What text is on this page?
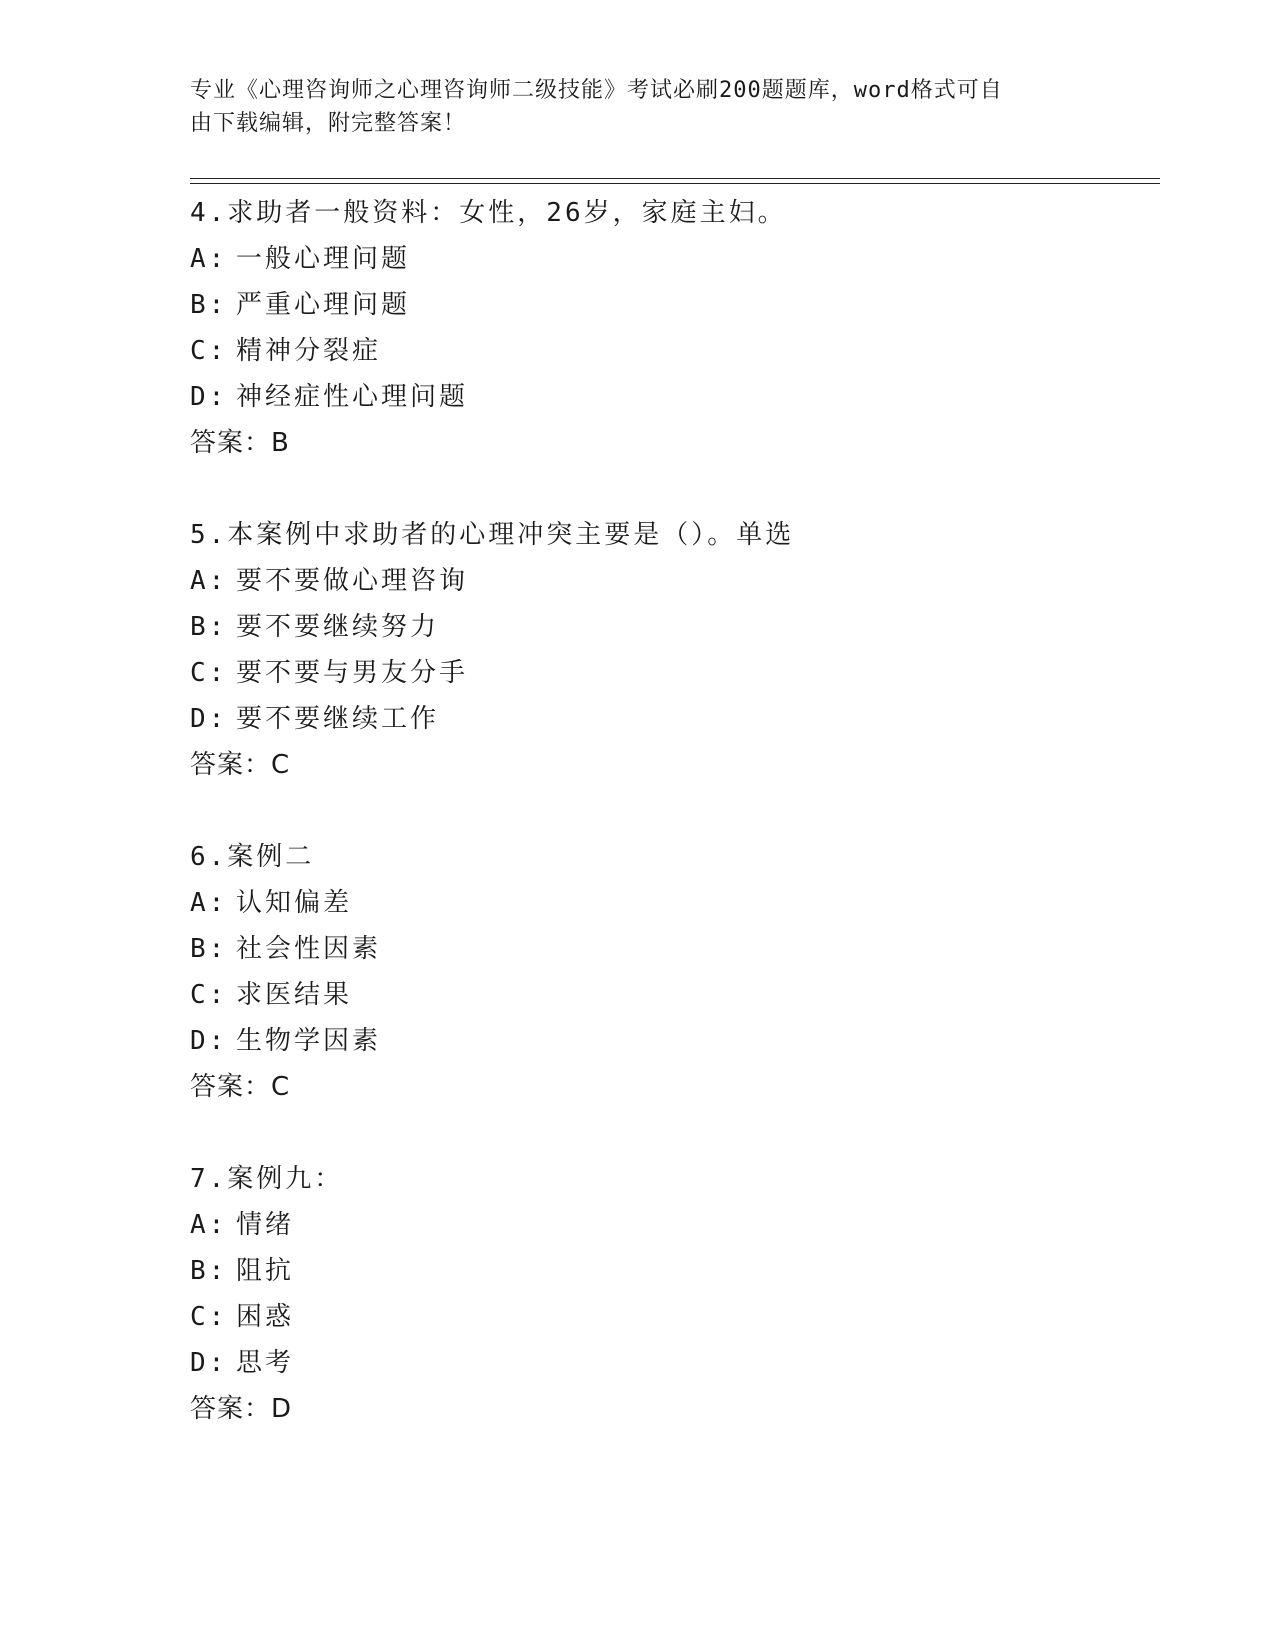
专业《心理咨询师之心理咨询师二级技能》考试必刷200题题库，word格式可自
由下载编辑，附完整答案！
4.求助者一般资料：女性，26岁，家庭主妇。
A: 一般心理问题
B: 严重心理问题
C: 精神分裂症
D: 神经症性心理问题
答案：B
5.本案例中求助者的心理冲突主要是（）。单选
A: 要不要做心理咨询
B: 要不要继续努力
C: 要不要与男友分手
D: 要不要继续工作
答案：C
6.案例二
A: 认知偏差
B: 社会性因素
C: 求医结果
D: 生物学因素
答案：C
7.案例九：
A: 情绪
B: 阻抗
C: 困惑
D: 思考
答案：D
